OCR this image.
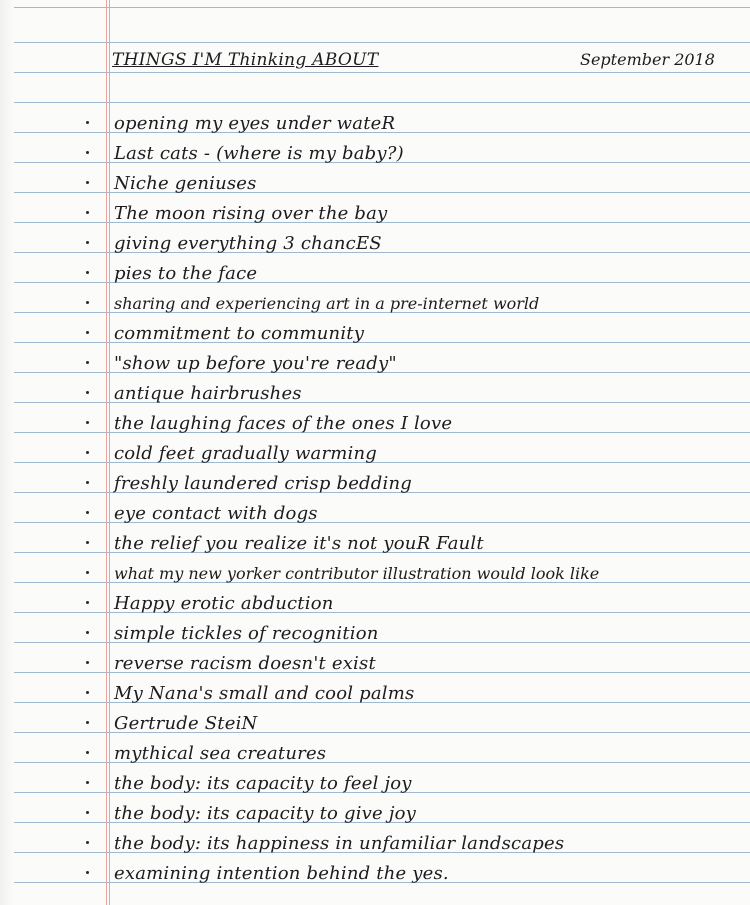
THINGS I'M Thinking ABOUT	September 2018
opening my eyes under wateR
Last cats - (where is my baby?)
Niche geniuses
The moon rising over the bay
giving everything 3 chancES
pies to the face
sharing and experiencing art in a pre-internet world
commitment to community
"show up before you're ready"
antique hairbrushes
the laughing faces of the ones I love
cold feet gradually warming
freshly laundered crisp bedding
eye contact with dogs
the relief you realize it's not youR Fault
what my new yorker contributor illustration would look like
Happy erotic abduction
simple tickles of recognition
reverse racism doesn't exist
My Nana's small and cool palms
Gertrude SteiN
mythical sea creatures
the body: its capacity to feel joy
the body: its capacity to give joy
the body: its happiness in unfamiliar landscapes
examining intention behind the yes.
